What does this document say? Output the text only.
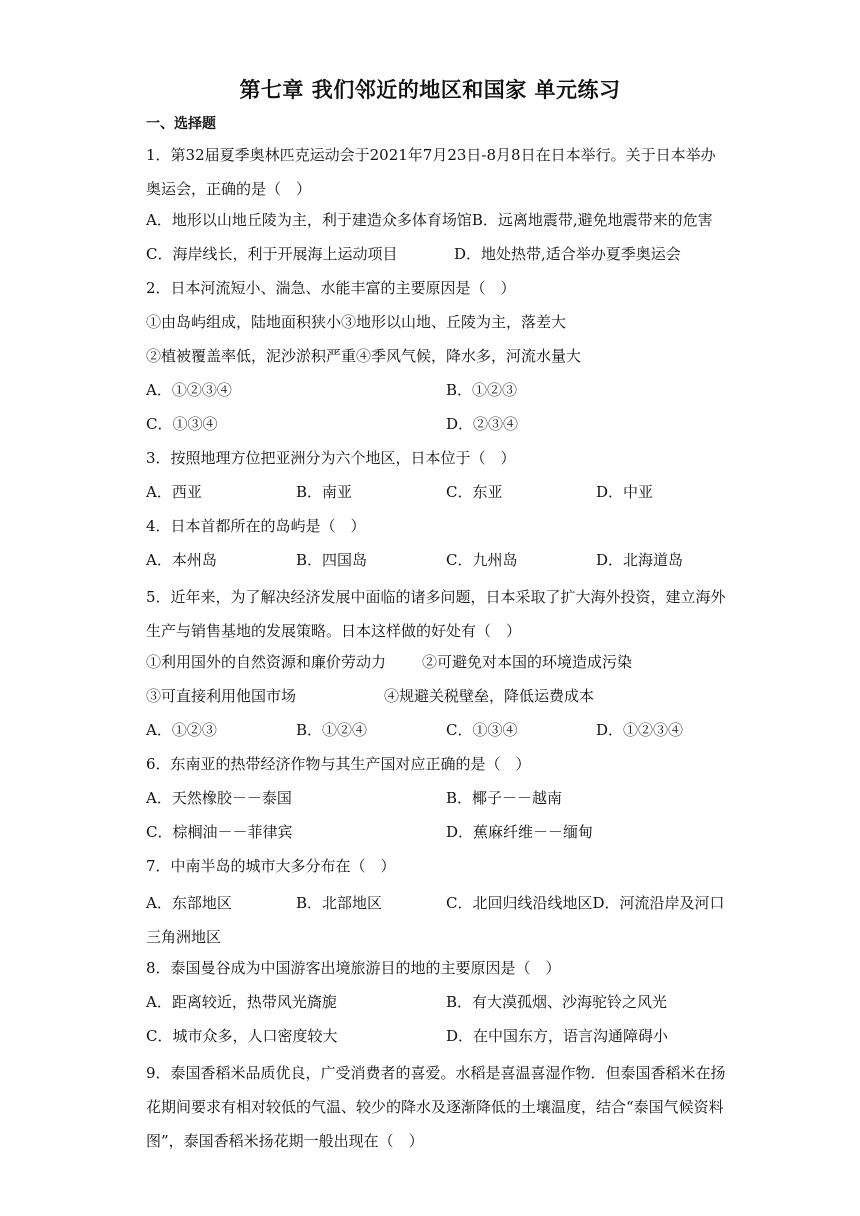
第七章 我们邻近的地区和国家 单元练习
一、选择题
1．第32届夏季奥林匹克运动会于2021年7月23日-8月8日在日本举行。关于日本举办奥运会，正确的是（　）
A．地形以山地丘陵为主，利于建造众多体育场馆 B．远离地震带,避免地震带来的危害
C．海岸线长，利于开展海上运动项目	D．地处热带,适合举办夏季奥运会
2．日本河流短小、湍急、水能丰富的主要原因是（　）
①由岛屿组成，陆地面积狭小③地形以山地、丘陵为主，落差大
②植被覆盖率低，泥沙淤积严重④季风气候，降水多，河流水量大
A．①②③④	B．①②③
C．①③④	D．②③④
3．按照地理方位把亚洲分为六个地区，日本位于（　）
A．西亚	B．南亚	C．东亚	D．中亚
4．日本首都所在的岛屿是（　）
A．本州岛	B．四国岛	C．九州岛	D．北海道岛
5．近年来，为了解决经济发展中面临的诸多问题，日本采取了扩大海外投资，建立海外生产与销售基地的发展策略。日本这样做的好处有（　）
①利用国外的自然资源和廉价劳动力	②可避免对本国的环境造成污染
③可直接利用他国市场	④规避关税壁垒，降低运费成本
A．①②③	B．①②④	C．①③④	D．①②③④
6．东南亚的热带经济作物与其生产国对应正确的是（　）
A．天然橡胶－－泰国	B．椰子－－越南
C．棕榈油－－菲律宾	D．蕉麻纤维－－缅甸
7．中南半岛的城市大多分布在（　）
A．东部地区	B．北部地区	C．北回归线沿线地区D．河流沿岸及河口三角洲地区
8．泰国曼谷成为中国游客出境旅游目的地的主要原因是（　）
A．距离较近，热带风光旖旎	B．有大漠孤烟、沙海驼铃之风光
C．城市众多，人口密度较大	D．在中国东方，语言沟通障碍小
9．泰国香稻米品质优良，广受消费者的喜爱。水稻是喜温喜湿作物．但泰国香稻米在扬花期间要求有相对较低的气温、较少的降水及逐渐降低的土壤温度，结合“泰国气候资料图”，泰国香稻米扬花期一般出现在（　）
